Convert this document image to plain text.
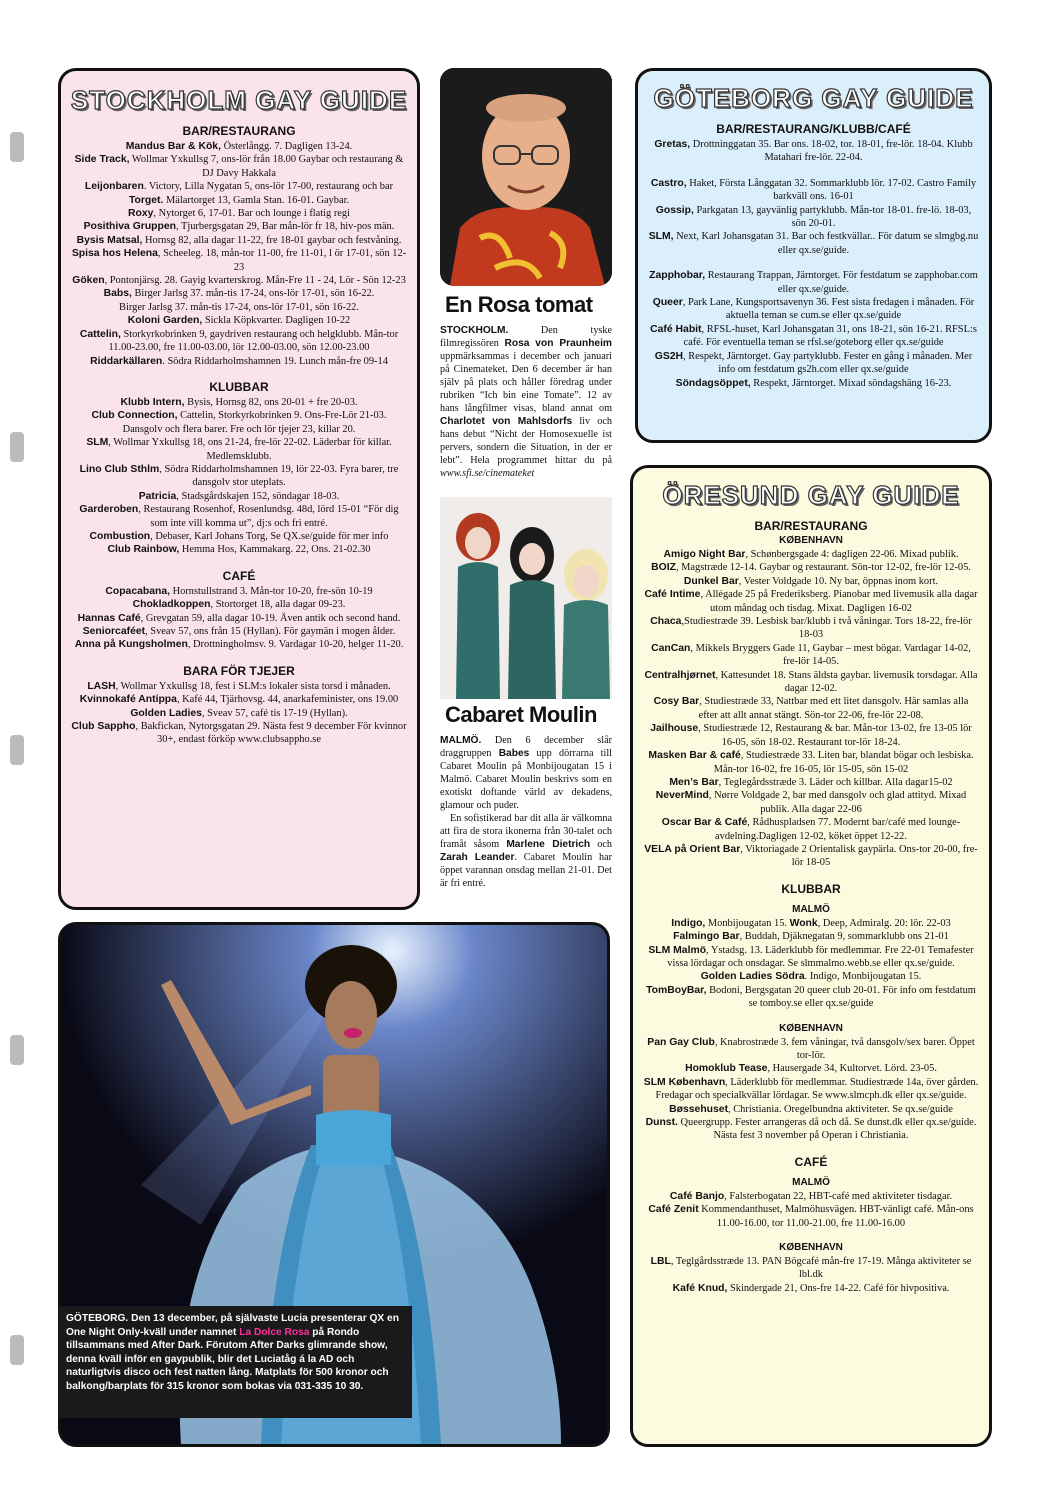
STOCKHOLM GAY GUIDE
BAR/RESTAURANG
Mandus Bar & Kök, Österlångg. 7. Dagligen 13-24.
Side Track, Wollmar Yxkullsg 7, ons-lör från 18.00 Gaybar och restaurang & DJ Davy Hakkala
Leijonbaren. Victory, Lilla Nygatan 5, ons-lör 17-00, restaurang och bar
Torget. Mälartorget 13, Gamla Stan. 16-01. Gaybar.
Roxy, Nytorget 6, 17-01. Bar och lounge i flatig regi
Posithiva Gruppen, Tjurbergsgatan 29, Bar mån-lör fr 18, hiv-pos män.
Bysis Matsal, Hornsg 82, alla dagar 11-22, fre 18-01 gaybar och festvåning.
Spisa hos Helena, Scheeleg. 18, mån-tor 11-00, fre 11-01, l ör 17-01, sön 12-23
Göken, Pontonjärsg. 28. Gayig kvarterskrog. Mån-Fre 11 - 24, Lör - Sön 12-23
Babs, Birger Jarlsg 37. mån-tis 17-24, ons-lör 17-01, sön 16-22.
Birger Jarlsg 37. mån-tis 17-24, ons-lör 17-01, sön 16-22.
Koloni Garden, Sickla Köpkvarter. Dagligen 10-22
Cattelin, Storkyrkobrinken 9, gaydriven restaurang och helgklubb. Mån-tor 11.00-23.00, fre 11.00-03.00, lör 12.00-03.00, sön 12.00-23.00
Riddarkällaren. Södra Riddarholmshamnen 19. Lunch mån-fre 09-14
KLUBBAR
Klubb Intern, Bysis, Hornsg 82, ons 20-01 + fre 20-03.
Club Connection, Cattelin, Storkyrkobrinken 9. Ons-Fre-Lör 21-03. Dansgolv och flera barer. Fre och lör tjejer 23, killar 20.
SLM, Wollmar Yxkullsg 18, ons 21-24, fre-lör 22-02. Läderbar för killar. Medlemsklubb.
Lino Club Sthlm, Södra Riddarholmshamnen 19, lör 22-03. Fyra barer, tre dansgolv stor uteplats.
Patricia, Stadsgårdskajen 152, söndagar 18-03.
Garderoben, Restaurang Rosenhof, Rosenlundsg. 48d, lörd 15-01 “För dig som inte vill komma ut”, dj:s och fri entré.
Combustion, Debaser, Karl Johans Torg, Se QX.se/guide för mer info
Club Rainbow, Hemma Hos, Kammakarg. 22, Ons. 21-02.30
CAFÉ
Copacabana, Hornstullstrand 3. Mån-tor 10-20, fre-sön 10-19
Chokladkoppen, Stortorget 18, alla dagar 09-23.
Hannas Café, Grevgatan 59, alla dagar 10-19. Även antik och second hand.
Seniorcaféet, Sveav 57, ons från 15 (Hyllan). För gaymän i mogen ålder.
Anna på Kungsholmen, Drottningholmsv. 9. Vardagar 10-20, helger 11-20.
BARA FÖR TJEJER
LASH, Wollmar Yxkullsg 18, fest i SLM:s lokaler sista torsd i månaden.
Kvinnokafé Antippa, Kafé 44, Tjärhovsg. 44, anarkafeminister, ons 19.00
Golden Ladies, Sveav 57, café tis 17-19 (Hyllan).
Club Sappho, Bakfickan, Nytorgsgatan 29. Nästa fest 9 december För kvinnor 30+, endast förköp www.clubsappho.se
GÖTEBORG GAY GUIDE
BAR/RESTAURANG/KLUBB/CAFÉ
Gretas, Drottninggatan 35. Bar ons. 18-02, tor. 18-01, fre-lör. 18-04. Klubb Matahari fre-lör. 22-04.
Castro, Haket, Första Långgatan 32. Sommarklubb lör. 17-02. Castro Family barkväll ons. 16-01
Gossip, Parkgatan 13, gayvänlig partyklubb. Mån-tor 18-01. fre-lö. 18-03, sön 20-01.
SLM, Next, Karl Johansgatan 31. Bar och festkvällar.. För datum se slmgbg.nu eller qx.se/guide.
Zapphobar, Restaurang Trappan, Järntorget. För festdatum se zapphobar.com eller qx.se/guide.
Queer, Park Lane, Kungsportsavenyn 36. Fest sista fredagen i månaden. För aktuella teman se cum.se eller qx.se/guide
Café Habit, RFSL-huset, Karl Johansgatan 31, ons 18-21, sön 16-21. RFSL:s café. För eventuella teman se rfsl.se/goteborg eller qx.se/guide
GS2H, Respekt, Järntorget. Gay partyklubb. Fester en gång i månaden. Mer info om festdatum gs2h.com eller qx.se/guide
Söndagsöppet, Respekt, Järntorget. Mixad söndagshäng 16-23.
ÖRESUND GAY GUIDE
BAR/RESTAURANG
KØBENHAVN
Amigo Night Bar, Schønbergsgade 4: dagligen 22-06. Mixad publik.
BOIZ, Magstræde 12-14. Gaybar og restaurant. Sön-tor 12-02, fre-lör 12-05.
Dunkel Bar, Vester Voldgade 10. Ny bar, öppnas inom kort.
Café Intime, Allégade 25 på Frederiksberg. Pianobar med livemusik alla dagar utom måndag och tisdag. Mixat. Dagligen 16-02
Chaca,Studiestræde 39. Lesbisk bar/klubb i två våningar. Tors 18-22, fre-lör 18-03
CanCan, Mikkels Bryggers Gade 11, Gaybar – mest bögar. Vardagar 14-02, fre-lör 14-05.
Centralhjørnet, Kattesundet 18. Stans äldsta gaybar. livemusik torsdagar. Alla dagar 12-02.
Cosy Bar, Studiestræde 33, Nattbar med ett litet dansgolv. Här samlas alla efter att allt annat stängt. Sön-tor 22-06, fre-lör 22-08.
Jailhouse, Studiestræde 12, Restaurang & bar. Mån-tor 13-02, fre 13-05 lör 16-05, sön 18-02. Restaurant tor-lör 18-24.
Masken Bar & café, Studiestræde 33. Liten bar, blandat bögar och lesbiska. Mån-tor 16-02, fre 16-05, lör 15-05, sön 15-02
Men’s Bar, Teglegårdsstræde 3. Läder och killbar. Alla dagar15-02
NeverMind, Nørre Voldgade 2, bar med dansgolv och glad attityd. Mixad publik. Alla dagar 22-06
Oscar Bar & Café, Rådhuspladsen 77. Modernt bar/café med lounge-avdelning.Dagligen 12-02, köket öppet 12-22.
VELA på Orient Bar, Viktoriagade 2 Orientalisk gaypärla. Ons-tor 20-00, fre-lör 18-05
KLUBBAR
MALMÖ
Indigo, Monbijougatan 15. Wonk, Deep, Admiralg. 20: lör. 22-03
Falmingo Bar, Buddah, Djäknegatan 9, sommarklubb ons 21-01
SLM Malmö, Ystadsg. 13. Läderklubb för medlemmar. Fre 22-01 Temafester vissa lördagar och onsdagar. Se slmmalmo.webb.se eller qx.se/guide.
Golden Ladies Södra. Indigo, Monbijougatan 15.
TomBoyBar, Bodoni, Bergsgatan 20 queer club 20-01. För info om festdatum se tomboy.se eller qx.se/guide
KØBENHAVN
Pan Gay Club, Knabrostræde 3. fem våningar, två dansgolv/sex barer. Öppet tor-lör.
Homoklub Tease, Hausergade 34, Kultorvet. Lörd. 23-05.
SLM København, Läderklubb för medlemmar. Studiestræde 14a, över gården. Fredagar och specialkvällar lördagar. Se www.slmcph.dk eller qx.se/guide.
Bøssehuset, Christiania. Oregelbundna aktiviteter. Se qx.se/guide
Dunst. Queergrupp. Fester arrangeras då och då. Se dunst.dk eller qx.se/guide. Nästa fest 3 november på Operan i Christiania.
CAFÉ
MALMÖ
Café Banjo, Falsterbogatan 22, HBT-café med aktiviteter tisdagar.
Café Zenit Kommendanthuset, Malmöhusvägen. HBT-vänligt café. Mån-ons 11.00-16.00, tor 11.00-21.00, fre 11.00-16.00
KØBENHAVN
LBL, Teglgårdsstræde 13. PAN Bögcafé mån-fre 17-19. Många aktiviteter se lbl.dk
Kafé Knud, Skindergade 21, Ons-fre 14-22. Café för hivpositiva.
En Rosa tomat
STOCKHOLM. Den tyske filmregissören Rosa von Praunheim uppmärksammas i december och januari på Cinemateket. Den 6 december är han själv på plats och håller föredrag under rubriken “Ich bin eine Tomate”. 12 av hans långfilmer visas, bland annat om Charlotet von Mahlsdorfs liv och hans debut “Nicht der Homosexuelle ist pervers, sondern die Situation, in der er lebt”. Hela programmet hittar du på www.sfi.se/cinemateket
Cabaret Moulin
MALMÖ. Den 6 december slår draggruppen Babes upp dörrarna till Cabaret Moulin på Monbijougatan 15 i Malmö. Cabaret Moulin beskrivs som en exotiskt doftande värld av dekadens, glamour och puder.
En sofistikerad bar dit alla är välkomna att fira de stora ikonerna från 30-talet och framåt såsom Marlene Dietrich och Zarah Leander. Cabaret Moulin har öppet varannan onsdag mellan 21-01. Det är fri entré.
GÖTEBORG. Den 13 december, på självaste Lucia presenterar QX en One Night Only-kväll under namnet La Dolce Rosa på Rondo tillsammans med After Dark. Förutom After Darks glimrande show, denna kväll inför en gaypublik, blir det Luciatåg á la AD och naturligtvis disco och fest natten lång. Matplats för 500 kronor och balkong/barplats för 315 kronor som bokas via 031-335 10 30.
